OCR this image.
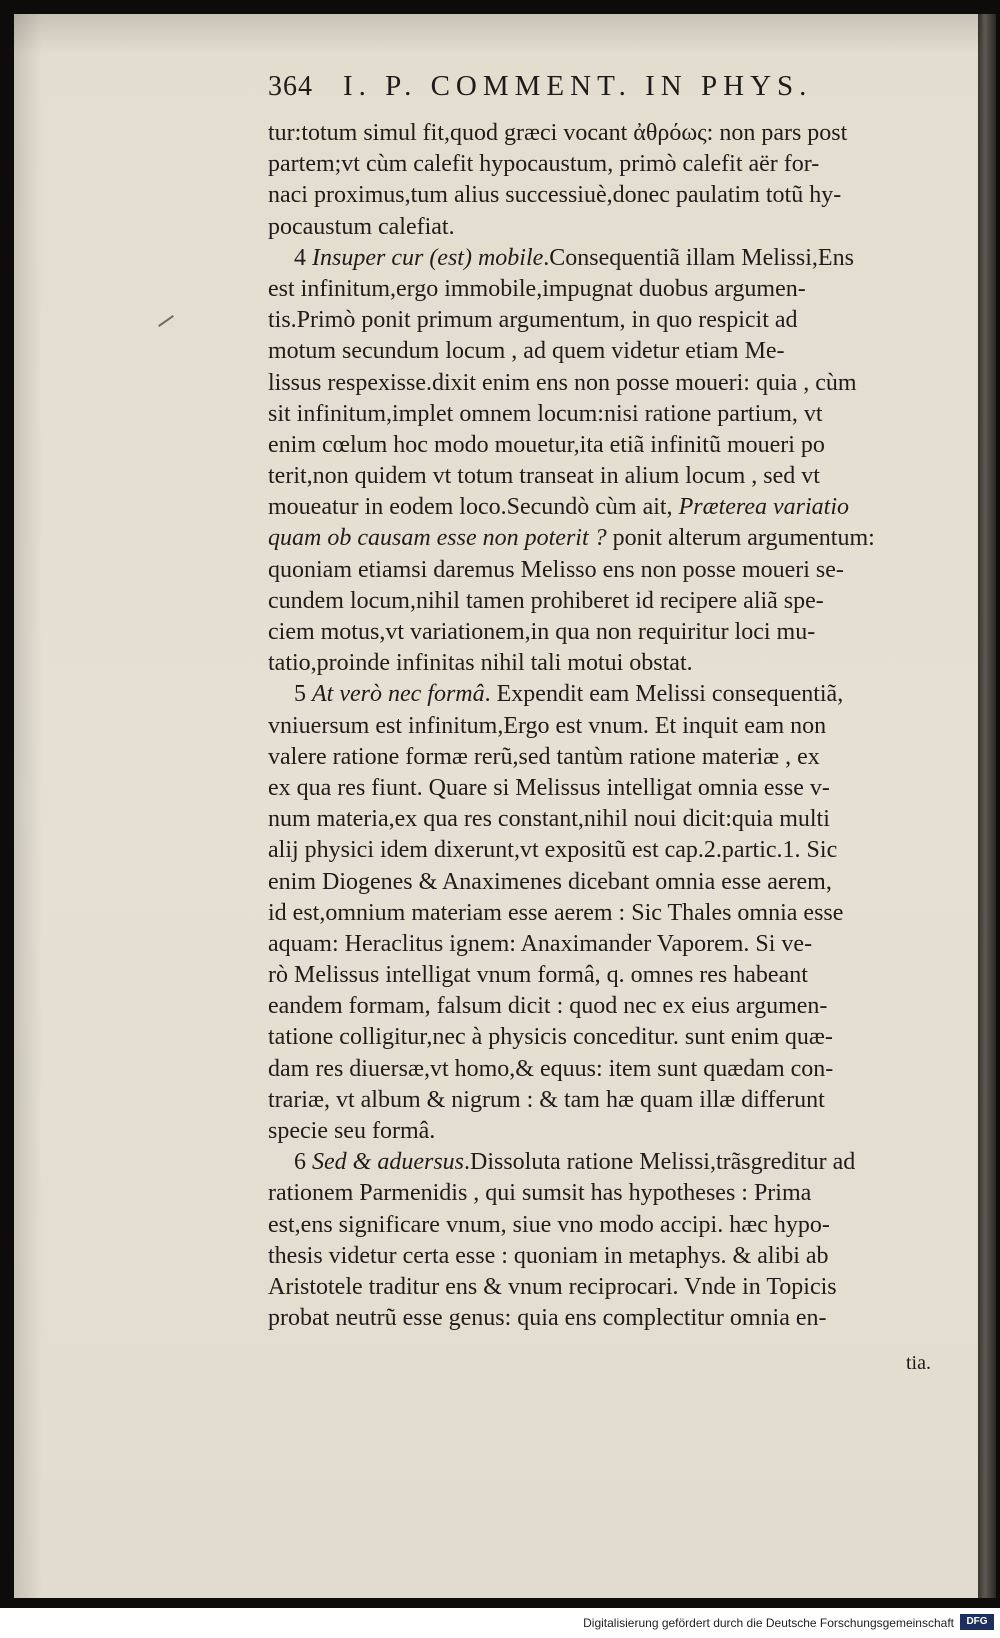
364 I. P. COMMENT. IN PHYS.
tur:totum simul fit,quod græci vocant ἀθρόως: non pars post
partem;vt cùm calefit hypocaustum, primò calefit aër for-
naci proximus,tum alius successiuè,donec paulatim totũ hy-
pocaustum calefiat.
4 Insuper cur (est) mobile.Consequentiã illam Melissi,Ens
est infinitum,ergo immobile,impugnat duobus argumen-
tis.Primò ponit primum argumentum, in quo respicit ad
motum secundum locum , ad quem videtur etiam Me-
lissus respexisse.dixit enim ens non posse moueri: quia , cùm
sit infinitum,implet omnem locum:nisi ratione partium, vt
enim cœlum hoc modo mouetur,ita etiã infinitũ moueri po
terit,non quidem vt totum transeat in alium locum , sed vt
moueatur in eodem loco.Secundò cùm ait, Præterea variatio
quam ob causam esse non poterit ? ponit alterum argumentum:
quoniam etiamsi daremus Melisso ens non posse moueri se-
cundem locum,nihil tamen prohiberet id recipere aliã spe-
ciem motus,vt variationem,in qua non requiritur loci mu-
tatio,proinde infinitas nihil tali motui obstat.
5 At verò nec formâ. Expendit eam Melissi consequentiã,
vniuersum est infinitum,Ergo est vnum. Et inquit eam non
valere ratione formæ rerũ,sed tantùm ratione materiæ , ex
ex qua res fiunt. Quare si Melissus intelligat omnia esse v-
num materia,ex qua res constant,nihil noui dicit:quia multi
alij physici idem dixerunt,vt expositũ est cap.2.partic.1. Sic
enim Diogenes & Anaximenes dicebant omnia esse aerem,
id est,omnium materiam esse aerem : Sic Thales omnia esse
aquam: Heraclitus ignem: Anaximander Vaporem. Si ve-
rò Melissus intelligat vnum formâ, q. omnes res habeant
eandem formam, falsum dicit : quod nec ex eius argumen-
tatione colligitur,nec à physicis conceditur. sunt enim quæ-
dam res diuersæ,vt homo,& equus: item sunt quædam con-
trariæ, vt album & nigrum : & tam hæ quam illæ differunt
specie seu formâ.
6 Sed & aduersus.Dissoluta ratione Melissi,trãsgreditur ad
rationem Parmenidis , qui sumsit has hypotheses : Prima
est,ens significare vnum, siue vno modo accipi. hæc hypo-
thesis videtur certa esse : quoniam in metaphys. & alibi ab
Aristotele traditur ens & vnum reciprocari. Vnde in Topicis
probat neutrũ esse genus: quia ens complectitur omnia en-
tia.
Digitalisierung gefördert durch die Deutsche Forschungsgemeinschaft	DFG
